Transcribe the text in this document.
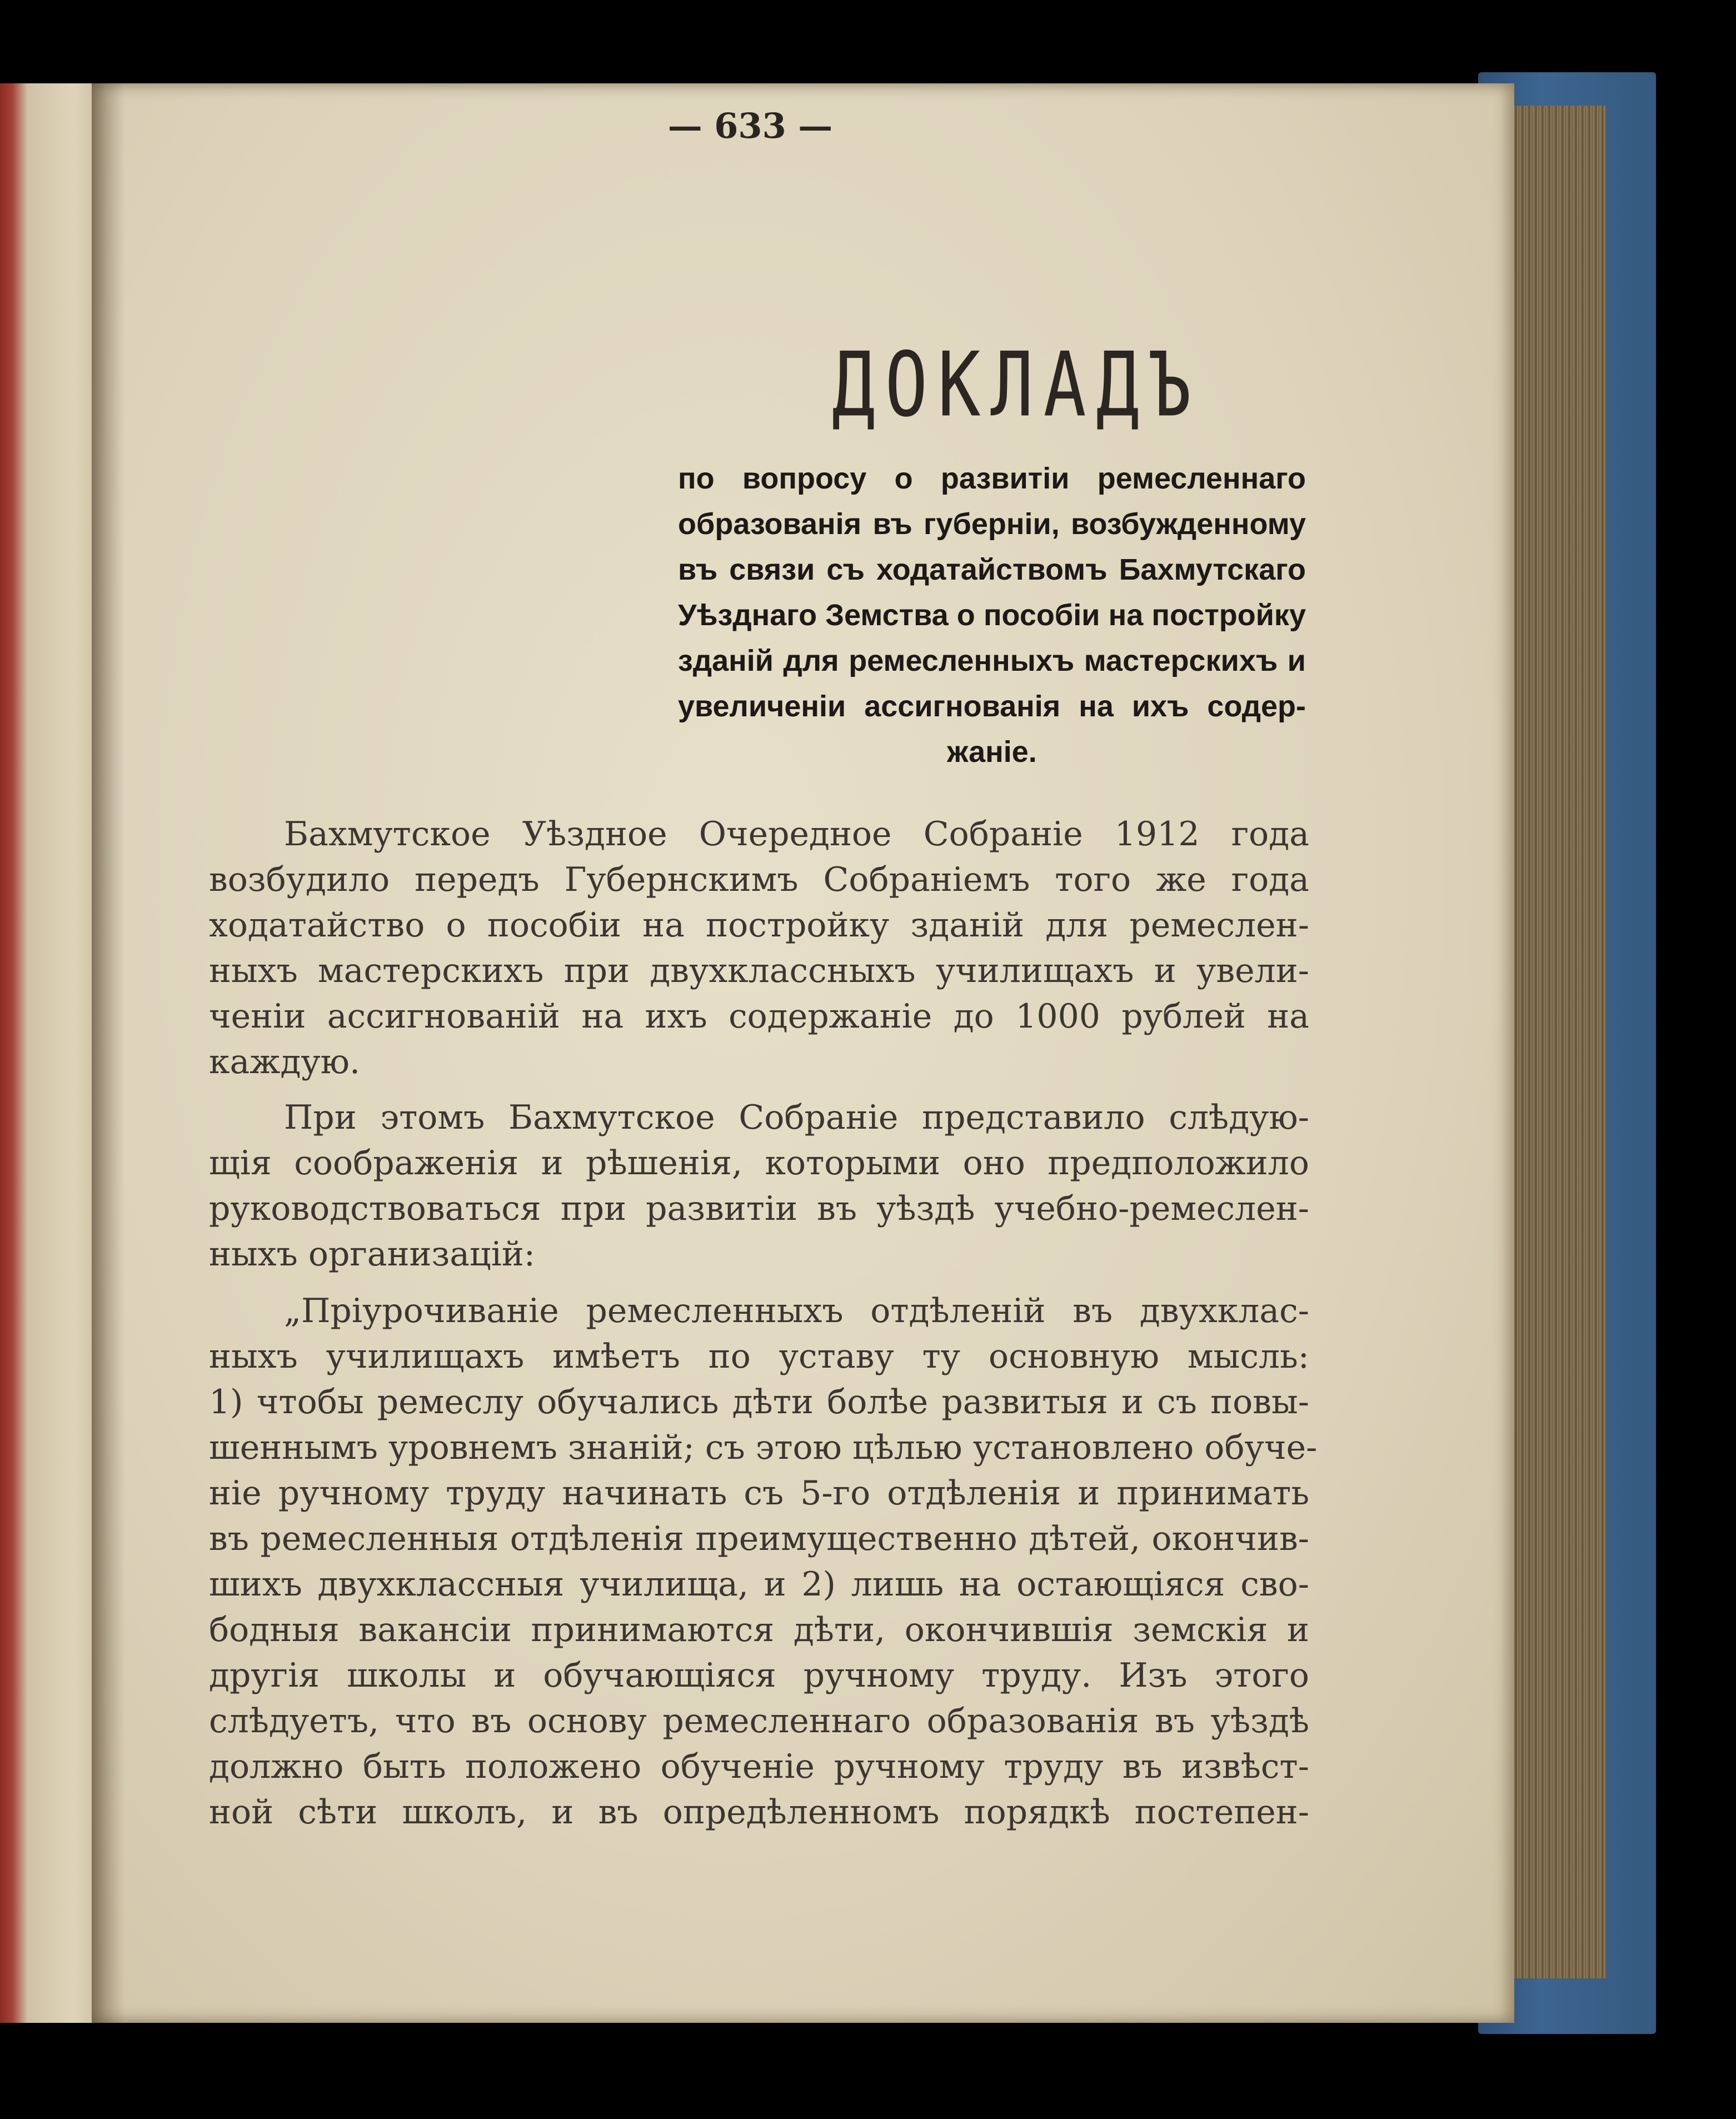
— 633 —
ДОКЛАДЪ
по вопросу о развитіи ремесленнаго
образованія въ губерніи, возбужденному
въ связи съ ходатайствомъ Бахмутскаго
Уѣзднаго Земства о пособіи на постройку
зданій для ремесленныхъ мастерскихъ и
увеличеніи ассигнованія на ихъ содер-
жаніе.
Бахмутское Уѣздное Очередное Собраніе 1912 года
возбудило передъ Губернскимъ Собраніемъ того же года
ходатайство о пособіи на постройку зданій для ремеслен-
ныхъ мастерскихъ при двухклассныхъ училищахъ и увели-
ченіи ассигнованій на ихъ содержаніе до 1000 рублей на
каждую.
При этомъ Бахмутское Собраніе представило слѣдую-
щія соображенія и рѣшенія, которыми оно предположило
руководствоваться при развитіи въ уѣздѣ учебно-ремеслен-
ныхъ организацій:
„Пріурочиваніе ремесленныхъ отдѣленій въ двухклас-
ныхъ училищахъ имѣетъ по уставу ту основную мысль:
1) чтобы ремеслу обучались дѣти болѣе развитыя и съ повы-
шеннымъ уровнемъ знаній; съ этою цѣлью установлено обуче-
ніе ручному труду начинать съ 5-го отдѣленія и принимать
въ ремесленныя отдѣленія преимущественно дѣтей, окончив-
шихъ двухклассныя училища, и 2) лишь на остающіяся сво-
бодныя вакансіи принимаются дѣти, окончившія земскія и
другія школы и обучающіяся ручному труду. Изъ этого
слѣдуетъ, что въ основу ремесленнаго образованія въ уѣздѣ
должно быть положено обученіе ручному труду въ извѣст-
ной сѣти школъ, и въ опредѣленномъ порядкѣ постепен-
